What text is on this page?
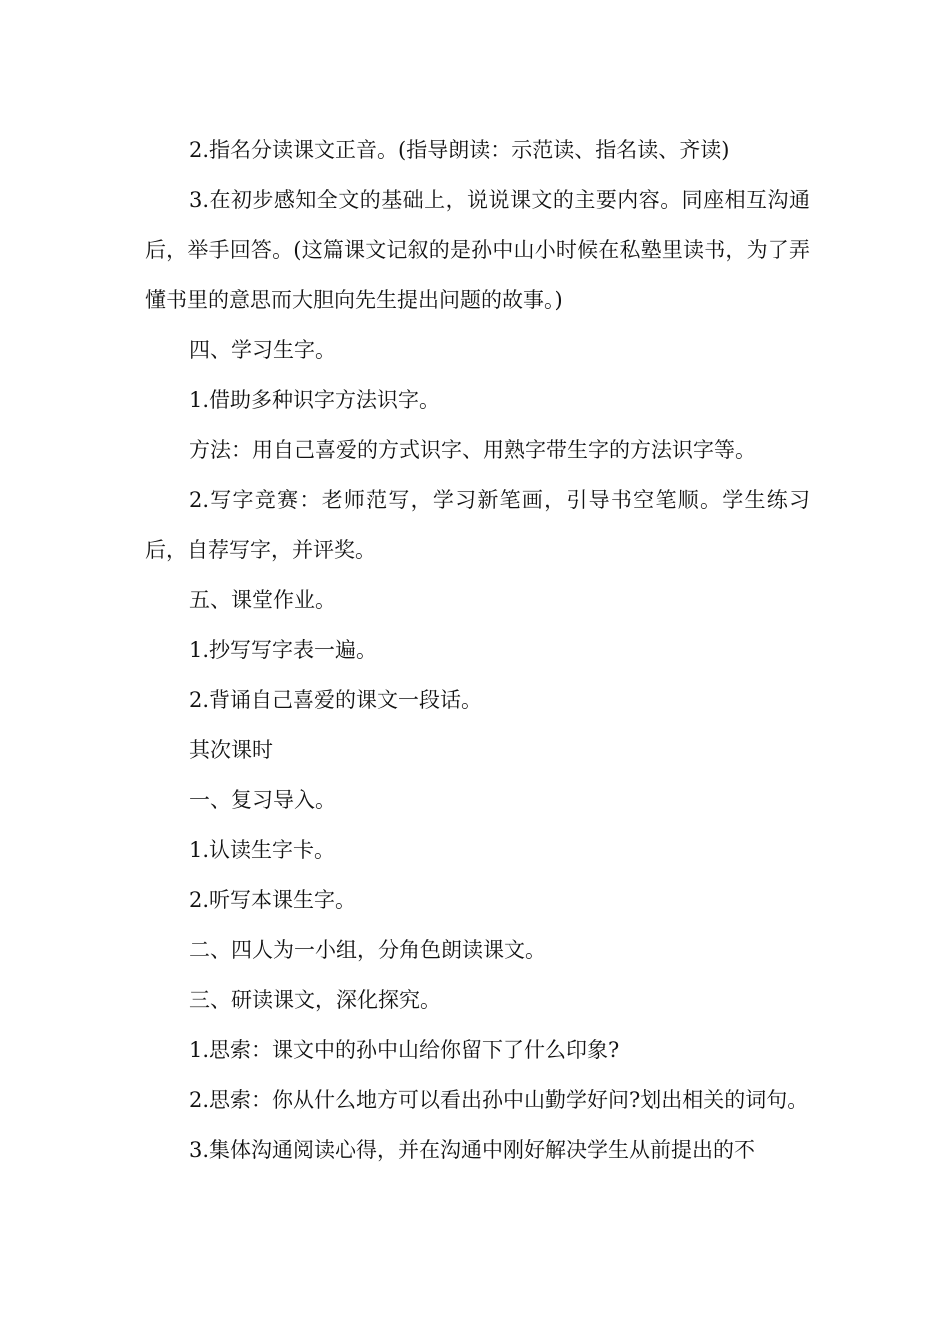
2.指名分读课文正音。(指导朗读：示范读、指名读、齐读)

3.在初步感知全文的基础上，说说课文的主要内容。同座相互沟通后，举手回答。(这篇课文记叙的是孙中山小时候在私塾里读书，为了弄懂书里的意思而大胆向先生提出问题的故事。)

四、学习生字。

1.借助多种识字方法识字。

方法：用自己喜爱的方式识字、用熟字带生字的方法识字等。

2.写字竞赛：老师范写，学习新笔画，引导书空笔顺。学生练习后，自荐写字，并评奖。

五、课堂作业。

1.抄写写字表一遍。

2.背诵自己喜爱的课文一段话。

其次课时

一、复习导入。

1.认读生字卡。

2.听写本课生字。

二、四人为一小组，分角色朗读课文。

三、研读课文，深化探究。

1.思索：课文中的孙中山给你留下了什么印象?

2.思索：你从什么地方可以看出孙中山勤学好问?划出相关的词句。

3.集体沟通阅读心得，并在沟通中刚好解决学生从前提出的不
